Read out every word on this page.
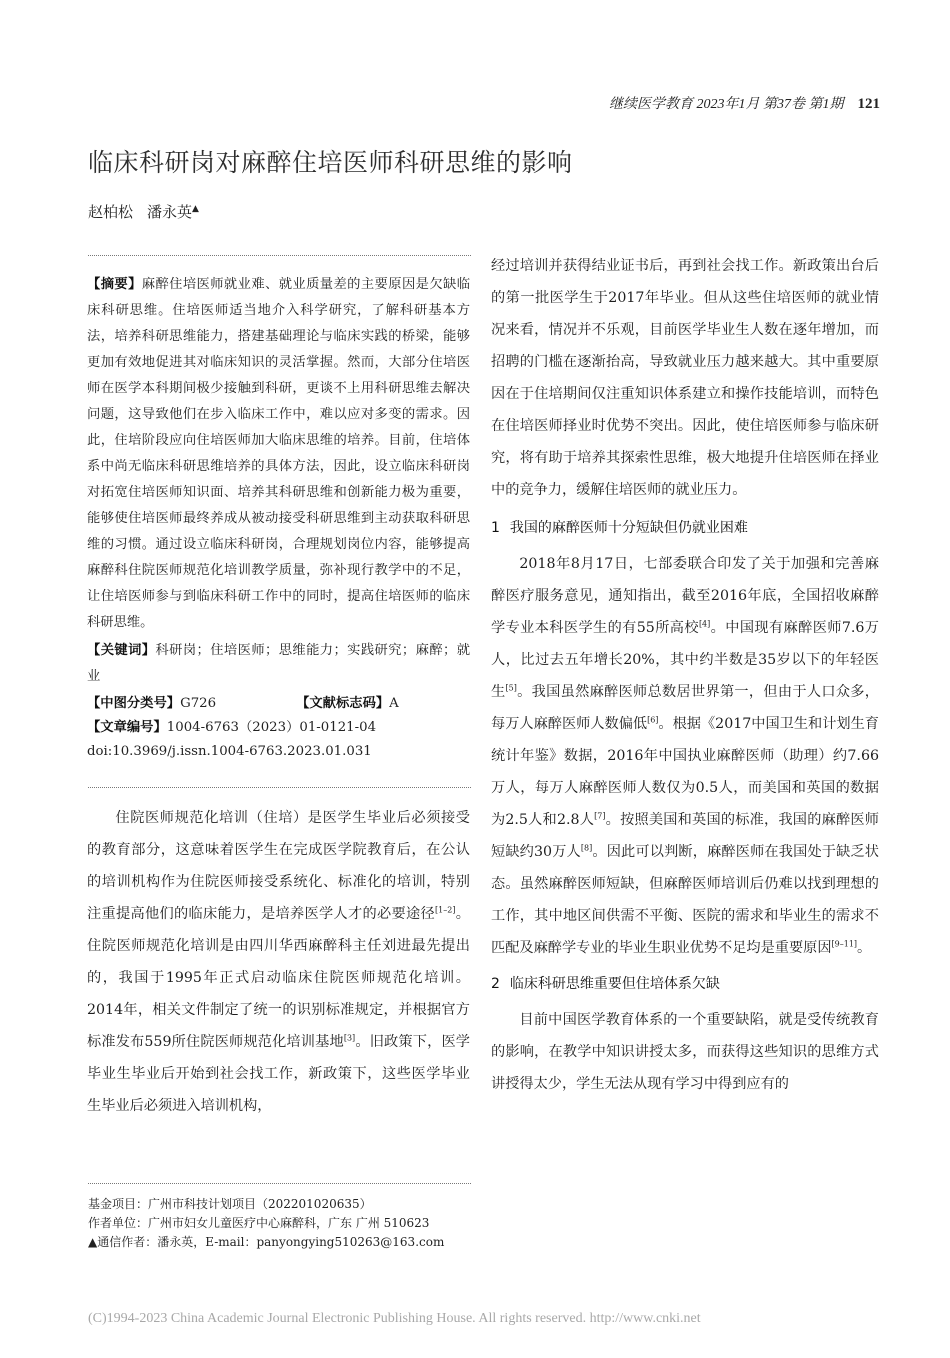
继续医学教育 2023年1月 第37卷 第1期 121
临床科研岗对麻醉住培医师科研思维的影响
赵柏松 潘永英▲
【摘要】麻醉住培医师就业难、就业质量差的主要原因是欠缺临床科研思维。住培医师适当地介入科学研究，了解科研基本方法，培养科研思维能力，搭建基础理论与临床实践的桥梁，能够更加有效地促进其对临床知识的灵活掌握。然而，大部分住培医师在医学本科期间极少接触到科研，更谈不上用科研思维去解决问题，这导致他们在步入临床工作中，难以应对多变的需求。因此，住培阶段应向住培医师加大临床思维的培养。目前，住培体系中尚无临床科研思维培养的具体方法，因此，设立临床科研岗对拓宽住培医师知识面、培养其科研思维和创新能力极为重要，能够使住培医师最终养成从被动接受科研思维到主动获取科研思维的习惯。通过设立临床科研岗，合理规划岗位内容，能够提高麻醉科住院医师规范化培训教学质量，弥补现行教学中的不足，让住培医师参与到临床科研工作中的同时，提高住培医师的临床科研思维。
【关键词】科研岗；住培医师；思维能力；实践研究；麻醉；就业
【中图分类号】G726	【文献标志码】A
【文章编号】1004-6763（2023）01-0121-04
doi:10.3969/j.issn.1004-6763.2023.01.031

住院医师规范化培训（住培）是医学生毕业后必须接受的教育部分，这意味着医学生在完成医学院教育后，在公认的培训机构作为住院医师接受系统化、标准化的培训，特别注重提高他们的临床能力，是培养医学人才的必要途径[1–2]。住院医师规范化培训是由四川华西麻醉科主任刘进最先提出的，我国于1995年正式启动临床住院医师规范化培训。2014年，相关文件制定了统一的识别标准规定，并根据官方标准发布559所住院医师规范化培训基地[3]。旧政策下，医学毕业生毕业后开始到社会找工作，新政策下，这些医学毕业生毕业后必须进入培训机构，

基金项目：广州市科技计划项目（202201020635）
作者单位：广州市妇女儿童医疗中心麻醉科，广东 广州 510623
▲通信作者：潘永英，E-mail：panyongying510263@163.com

经过培训并获得结业证书后，再到社会找工作。新政策出台后的第一批医学生于2017年毕业。但从这些住培医师的就业情况来看，情况并不乐观，目前医学毕业生人数在逐年增加，而招聘的门槛在逐渐抬高，导致就业压力越来越大。其中重要原因在于住培期间仅注重知识体系建立和操作技能培训，而特色在住培医师择业时优势不突出。因此，使住培医师参与临床研究，将有助于培养其探索性思维，极大地提升住培医师在择业中的竞争力，缓解住培医师的就业压力。

1 我国的麻醉医师十分短缺但仍就业困难

2018年8月17日，七部委联合印发了关于加强和完善麻醉医疗服务意见，通知指出，截至2016年底，全国招收麻醉学专业本科医学生的有55所高校[4]。中国现有麻醉医师7.6万人，比过去五年增长20%，其中约半数是35岁以下的年轻医生[5]。我国虽然麻醉医师总数居世界第一，但由于人口众多，每万人麻醉医师人数偏低[6]。根据《2017中国卫生和计划生育统计年鉴》数据，2016年中国执业麻醉医师（助理）约7.66万人，每万人麻醉医师人数仅为0.5人，而美国和英国的数据为2.5人和2.8人[7]。按照美国和英国的标准，我国的麻醉医师短缺约30万人[8]。因此可以判断，麻醉医师在我国处于缺乏状态。虽然麻醉医师短缺，但麻醉医师培训后仍难以找到理想的工作，其中地区间供需不平衡、医院的需求和毕业生的需求不匹配及麻醉学专业的毕业生职业优势不足均是重要原因[9–11]。

2 临床科研思维重要但住培体系欠缺

目前中国医学教育体系的一个重要缺陷，就是受传统教育的影响，在教学中知识讲授太多，而获得这些知识的思维方式讲授得太少，学生无法从现有学习中得到应有的

(C)1994-2023 China Academic Journal Electronic Publishing House. All rights reserved. http://www.cnki.net
